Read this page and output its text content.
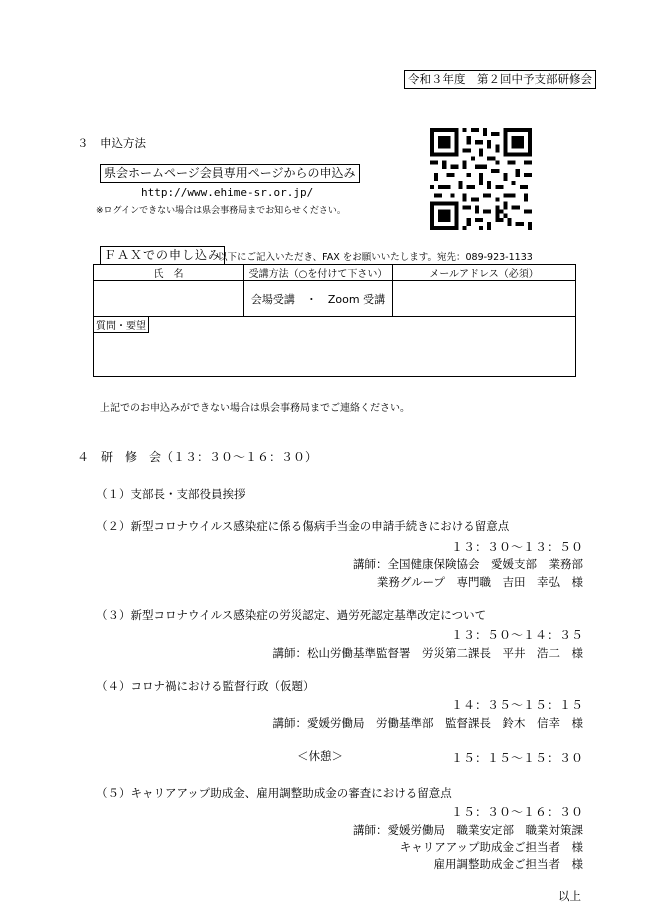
令和３年度　第２回中予支部研修会
３　申込方法
県会ホームページ会員専用ページからの申込み
http://www.ehime-sr.or.jp/
※ログインできない場合は県会事務局までお知らせください。
ＦＡＸでの申し込み
以下にご記入いただき、FAX をお願いいたします。宛先：089-923-1133
氏　名	受講方法（○を付けて下さい）	メールアドレス（必須）
	会場受講　・　Zoom 受講	
質問・要望		
上記でのお申込みができない場合は県会事務局までご連絡ください。
４　研　修　会（１３：３０～１６：３０）
（１）支部長・支部役員挨拶
（２）新型コロナウイルス感染症に係る傷病手当金の申請手続きにおける留意点
１３：３０～１３：５０
講師：全国健康保険協会　愛媛支部　業務部
業務グループ　専門職　吉田　幸弘　様
（３）新型コロナウイルス感染症の労災認定、過労死認定基準改定について
１３：５０～１４：３５
講師：松山労働基準監督署　労災第二課長　平井　浩二　様
（４）コロナ禍における監督行政（仮題）
１４：３５～１５：１５
講師：愛媛労働局　労働基準部　監督課長　鈴木　信幸　様
＜休憩＞	１５：１５～１５：３０
（５）キャリアアップ助成金、雇用調整助成金の審査における留意点
１５：３０～１６：３０
講師：愛媛労働局　職業安定部　職業対策課
キャリアアップ助成金ご担当者　様
雇用調整助成金ご担当者　様
以上
